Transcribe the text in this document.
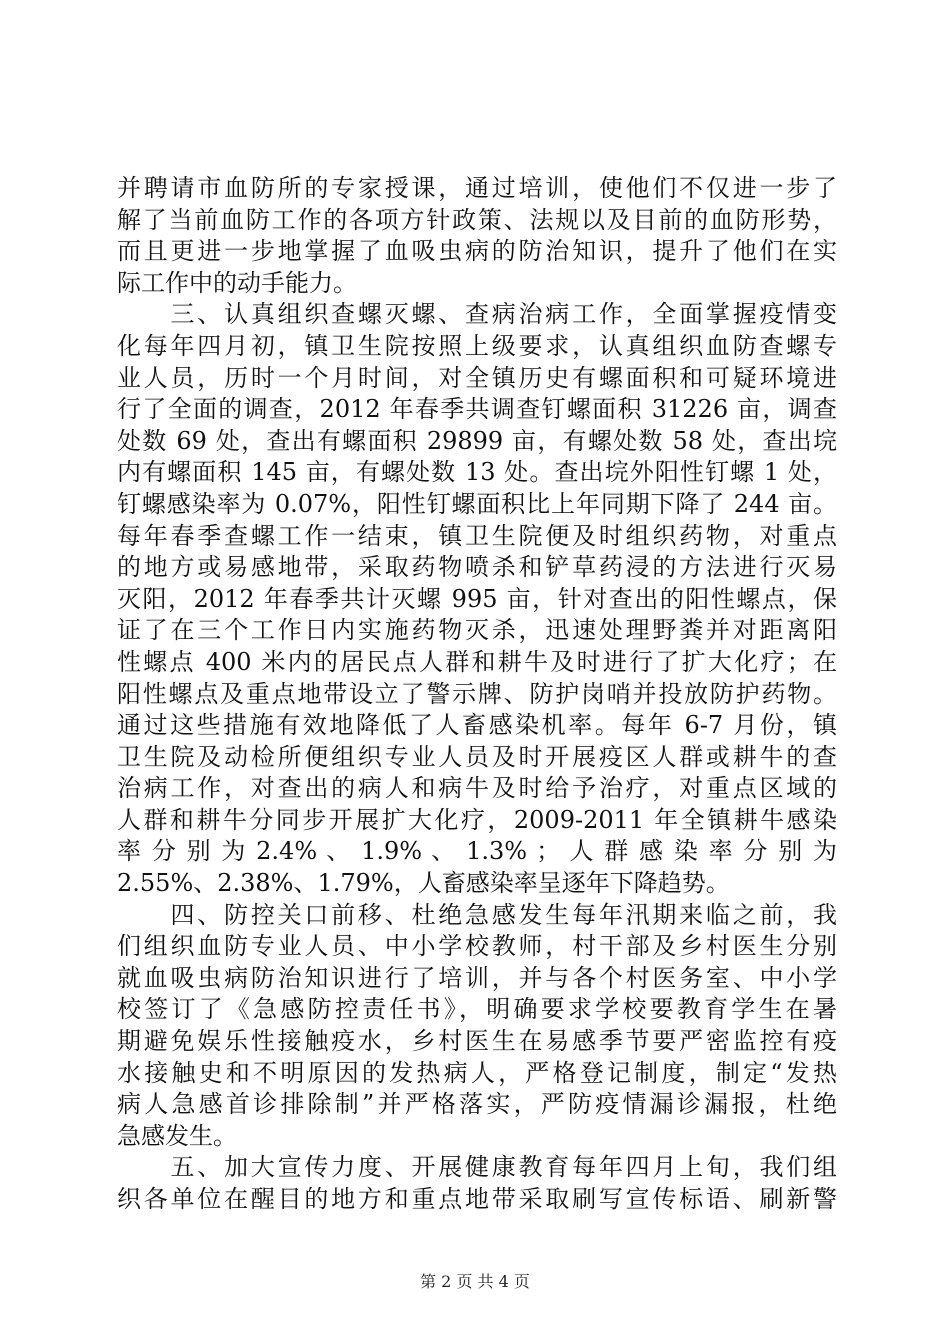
并聘请市血防所的专家授课，通过培训，使他们不仅进一步了
解了当前血防工作的各项方针政策、法规以及目前的血防形势，
而且更进一步地掌握了血吸虫病的防治知识，提升了他们在实
际工作中的动手能力。
　　三、认真组织查螺灭螺、查病治病工作，全面掌握疫情变
化每年四月初，镇卫生院按照上级要求，认真组织血防查螺专
业人员，历时一个月时间，对全镇历史有螺面积和可疑环境进
行了全面的调查，2012 年春季共调查钉螺面积 31226 亩，调查
处数 69 处，查出有螺面积 29899 亩，有螺处数 58 处，查出垸
内有螺面积 145 亩，有螺处数 13 处。查出垸外阳性钉螺 1 处，
钉螺感染率为 0.07%，阳性钉螺面积比上年同期下降了 244 亩。
每年春季查螺工作一结束，镇卫生院便及时组织药物，对重点
的地方或易感地带，采取药物喷杀和铲草药浸的方法进行灭易
灭阳，2012 年春季共计灭螺 995 亩，针对查出的阳性螺点，保
证了在三个工作日内实施药物灭杀，迅速处理野粪并对距离阳
性螺点 400 米内的居民点人群和耕牛及时进行了扩大化疗；在
阳性螺点及重点地带设立了警示牌、防护岗哨并投放防护药物。
通过这些措施有效地降低了人畜感染机率。每年 6-7 月份，镇
卫生院及动检所便组织专业人员及时开展疫区人群或耕牛的查
治病工作，对查出的病人和病牛及时给予治疗，对重点区域的
人群和耕牛分同步开展扩大化疗，2009-2011 年全镇耕牛感染
率 分 别 为 2.4% 、 1.9% 、 1.3% ； 人 群 感 染 率 分 别 为
2.55%、2.38%、1.79%，人畜感染率呈逐年下降趋势。
　　四、防控关口前移、杜绝急感发生每年汛期来临之前，我
们组织血防专业人员、中小学校教师，村干部及乡村医生分别
就血吸虫病防治知识进行了培训，并与各个村医务室、中小学
校签订了《急感防控责任书》，明确要求学校要教育学生在暑
期避免娱乐性接触疫水，乡村医生在易感季节要严密监控有疫
水接触史和不明原因的发热病人，严格登记制度，制定“发热
病人急感首诊排除制”并严格落实，严防疫情漏诊漏报，杜绝
急感发生。
　　五、加大宣传力度、开展健康教育每年四月上旬，我们组
织各单位在醒目的地方和重点地带采取刷写宣传标语、刷新警
第 2 页 共 4 页
